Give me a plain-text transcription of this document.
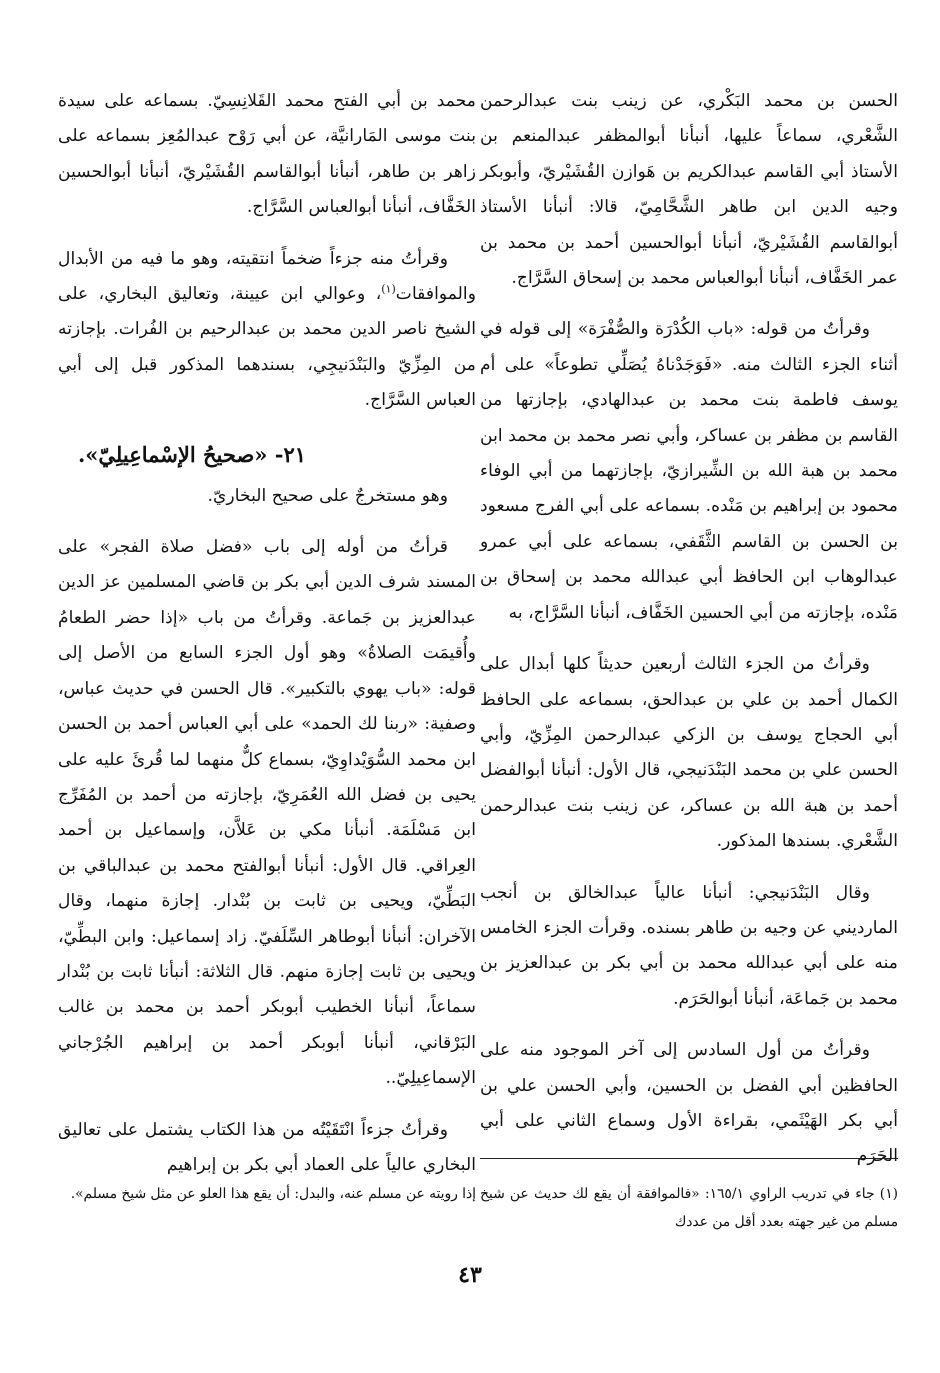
الحسن بن محمد البَكْري، عن زينب بنت عبدالرحمن الشَّعْري، سماعاً عليها، أنبأنا أبوالمظفر عبدالمنعم بن الأستاذ أبي القاسم عبدالكريم بن هَوازن القُشَيْريّ، وأبوبكر وجيه الدين ابن طاهر الشَّحَّامِيّ، قالا: أنبأنا الأستاذ أبوالقاسم القُشَيْريّ، أنبأنا أبوالحسين أحمد بن محمد بن عمر الخَفَّاف، أنبأنا أبوالعباس محمد بن إسحاق السَّرَّاج.

وقرأتُ من قوله: «باب الكُدْرَة والصُّفْرَة» إلى قوله في أثناء الجزء الثالث منه. «فَوَجَدْناهُ يُصَلِّي تطوعاً» على أم يوسف فاطمة بنت محمد بن عبدالهادي، بإجازتها من القاسم بن مظفر بن عساكر، وأبي نصر محمد بن محمد ابن محمد بن هبة الله بن الشِّيرازيّ، بإجازتهما من أبي الوفاء محمود بن إبراهيم بن مَنْده. بسماعه على أبي الفرج مسعود بن الحسن بن القاسم الثَّقَفي، بسماعه على أبي عمرو عبدالوهاب ابن الحافظ أبي عبدالله محمد بن إسحاق بن مَنْده، بإجازته من أبي الحسين الخَفَّاف، أنبأنا السَّرَّاج، به

وقرأتُ من الجزء الثالث أربعين حديثاً كلها أبدال على الكمال أحمد بن علي بن عبدالحق، بسماعه على الحافظ أبي الحجاج يوسف بن الزكي عبدالرحمن المِزِّيّ، وأبي الحسن علي بن محمد البَنْدَنيجي، قال الأول: أنبأنا أبوالفضل أحمد بن هبة الله بن عساكر، عن زينب بنت عبدالرحمن الشَّعْري. بسندها المذكور.

وقال البَنْدَنيجي: أنبأنا عالياً عبدالخالق بن أنجب المارديني عن وجيه بن طاهر بسنده. وقرأت الجزء الخامس منه على أبي عبدالله محمد بن أبي بكر بن عبدالعزيز بن محمد بن جَماعَة، أنبأنا أبوالحَرَم.

وقرأتُ من أول السادس إلى آخر الموجود منه على الحافظين أبي الفضل بن الحسين، وأبي الحسن علي بن أبي بكر الهَيْثَمي، بقراءة الأول وسماع الثاني على أبي الحَرَم

محمد بن أبي الفتح محمد القَلانِسِيّ. بسماعه على سيدة بنت موسى المَارانيَّة، عن أبي رَوْح عبدالمُعِز بسماعه على زاهر بن طاهر، أنبأنا أبوالقاسم القُشَيْريّ، أنبأنا أبوالحسين الخَفَّاف، أنبأنا أبوالعباس السَّرَّاج.

وقرأتُ منه جزءاً ضخماً انتقيته، وهو ما فيه من الأبدال والموافقات$^{(١)}$، وعوالي ابن عيينة، وتعاليق البخاري، على الشيخ ناصر الدين محمد بن عبدالرحيم بن الفُرات. بإجازته من المِزِّيّ والبَنْدَنيجِي، بسندهما المذكور قبل إلى أبي العباس السَّرَّاج.

٢١- «صحيحُ الإسْماعِيلِيّ».

وهو مستخرجٌ على صحيح البخاريّ.

قرأتُ من أوله إلى باب «فضل صلاة الفجر» على المسند شرف الدين أبي بكر بن قاضي المسلمين عز الدين عبدالعزيز بن جَماعة. وقرأتُ من باب «إذا حضر الطعامُ وأُقيمَت الصلاةُ» وهو أول الجزء السابع من الأصل إلى قوله: «باب يهوي بالتكبير». قال الحسن في حديث عباس، وصفية: «ربنا لك الحمد» على أبي العباس أحمد بن الحسن ابن محمد السُّوَيْداوِيّ، بسماع كلٌّ منهما لما قُرئَ عليه على يحيى بن فضل الله العُمَرِيّ، بإجازته من أحمد بن المُفَرِّج ابن مَسْلَمَة. أنبأنا مكي بن عَلاَّن، وإسماعيل بن أحمد العِراقي. قال الأول: أنبأنا أبوالفتح محمد بن عبدالباقي بن البَطِّيّ، ويحيى بن ثابت بن بُنْدار. إجازة منهما، وقال الآخران: أنبأنا أبوطاهر السِّلَفيّ. زاد إسماعيل: وابن البطِّيّ، ويحيى بن ثابت إجازة منهم. قال الثلاثة: أنبأنا ثابت بن بُنْدار سماعاً، أنبأنا الخطيب أبوبكر أحمد بن محمد بن غالب البَرْقاني، أنبأنا أبوبكر أحمد بن إبراهيم الجُرْجاني الإسماعِيلِيّ..

وقرأتُ جزءاً انْتَقَيْتُه من هذا الكتاب يشتمل على تعاليق البخاري عالياً على العماد أبي بكر بن إبراهيم

(١) جاء في تدريب الراوي ١٦٥/١: «فالموافقة أن يقع لك حديث عن شيخ مسلم من غير جهته بعدد أقل من عددك
إذا رويته عن مسلم عنه، والبدل: أن يقع هذا العلو عن مثل شيخ مسلم».
٤٣
